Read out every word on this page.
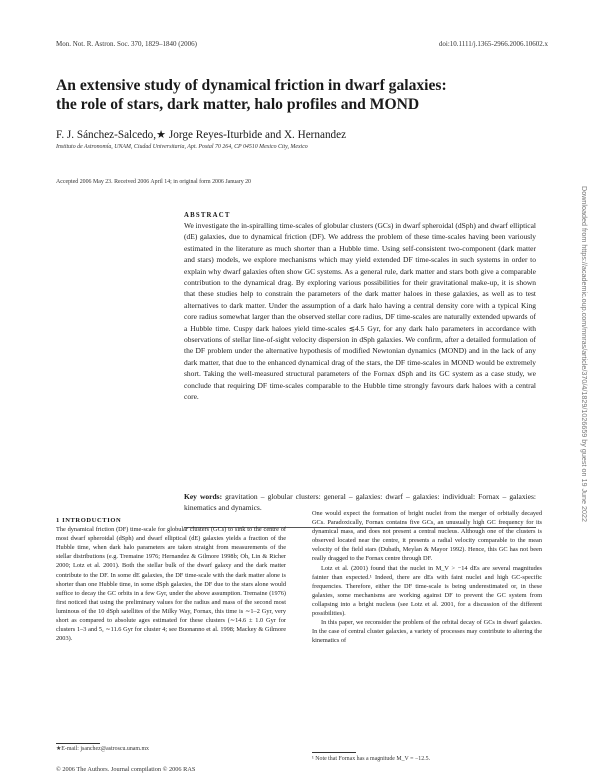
Mon. Not. R. Astron. Soc. 370, 1829–1840 (2006)	doi:10.1111/j.1365-2966.2006.10602.x
An extensive study of dynamical friction in dwarf galaxies:
the role of stars, dark matter, halo profiles and MOND
F. J. Sánchez-Salcedo,★ Jorge Reyes-Iturbide and X. Hernandez
Instituto de Astronomía, UNAM, Ciudad Universitaria, Apt. Postal 70 264, CP 04510 Mexico City, Mexico
Accepted 2006 May 23. Received 2006 April 14; in original form 2006 January 20

ABSTRACT

We investigate the in-spiralling time-scales of globular clusters (GCs) in dwarf spheroidal (dSph) and dwarf elliptical (dE) galaxies, due to dynamical friction (DF). We address the problem of these time-scales having been variously estimated in the literature as much shorter than a Hubble time. Using self-consistent two-component (dark matter and stars) models, we explore mechanisms which may yield extended DF time-scales in such systems in order to explain why dwarf galaxies often show GC systems. As a general rule, dark matter and stars both give a comparable contribution to the dynamical drag. By exploring various possibilities for their gravitational make-up, it is shown that these studies help to constrain the parameters of the dark matter haloes in these galaxies, as well as to test alternatives to dark matter. Under the assumption of a dark halo having a central density core with a typical King core radius somewhat larger than the observed stellar core radius, DF time-scales are naturally extended upwards of a Hubble time. Cuspy dark haloes yield time-scales ≲4.5 Gyr, for any dark halo parameters in accordance with observations of stellar line-of-sight velocity dispersion in dSph galaxies. We confirm, after a detailed formulation of the DF problem under the alternative hypothesis of modified Newtonian dynamics (MOND) and in the lack of any dark matter, that due to the enhanced dynamical drag of the stars, the DF time-scales in MOND would be extremely short. Taking the well-measured structural parameters of the Fornax dSph and its GC system as a case study, we conclude that requiring DF time-scales comparable to the Hubble time strongly favours dark haloes with a central core.

Key words: gravitation – globular clusters: general – galaxies: dwarf – galaxies: individual: Fornax – galaxies: kinematics and dynamics.

1 INTRODUCTION

The dynamical friction (DF) time-scale for globular clusters (GCs) to sink to the centre of most dwarf spheroidal (dSph) and dwarf elliptical (dE) galaxies yields a fraction of the Hubble time, when dark halo parameters are taken straight from measurements of the stellar distributions (e.g. Tremaine 1976; Hernandez & Gilmore 1998b; Oh, Lin & Richer 2000; Lotz et al. 2001). Both the stellar bulk of the dwarf galaxy and the dark matter contribute to the DF. In some dE galaxies, the DF time-scale with the dark matter alone is shorter than one Hubble time, in some dSph galaxies, the DF due to the stars alone would suffice to decay the GC orbits in a few Gyr, under the above assumption. Tremaine (1976) first noticed that using the preliminary values for the radius and mass of the second most luminous of the 10 dSph satellites of the Milky Way, Fornax, this time is ∼1–2 Gyr, very short as compared to absolute ages estimated for these clusters (∼14.6 ± 1.0 Gyr for clusters 1–3 and 5, ∼11.6 Gyr for cluster 4; see Buonanno et al. 1998; Mackey & Gilmore 2003).

One would expect the formation of bright nuclei from the merger of orbitally decayed GCs. Paradoxically, Fornax contains five GCs, an unusually high GC frequency for its dynamical mass, and does not present a central nucleus. Although one of the clusters is observed located near the centre, it presents a radial velocity comparable to the mean velocity of the field stars (Dubath, Meylan & Mayor 1992). Hence, this GC has not been really dragged to the Fornax centre through DF.

Lotz et al. (2001) found that the nuclei in M_V > −14 dEs are several magnitudes fainter than expected.¹ Indeed, there are dEs with faint nuclei and high GC-specific frequencies. Therefore, either the DF time-scale is being underestimated or, in these galaxies, some mechanisms are working against DF to prevent the GC system from collapsing into a bright nucleus (see Lotz et al. 2001, for a discussion of the different possibilities).

In this paper, we reconsider the problem of the orbital decay of GCs in dwarf galaxies. In the case of central cluster galaxies, a variety of processes may contribute to altering the kinematics of

★E-mail: jsanchez@astroscu.unam.mx
¹ Note that Fornax has a magnitude M_V = −12.5.
© 2006 The Authors. Journal compilation © 2006 RAS
Downloaded from https://academic.oup.com/mnras/article/370/4/1829/1026659 by guest on 19 June 2022
